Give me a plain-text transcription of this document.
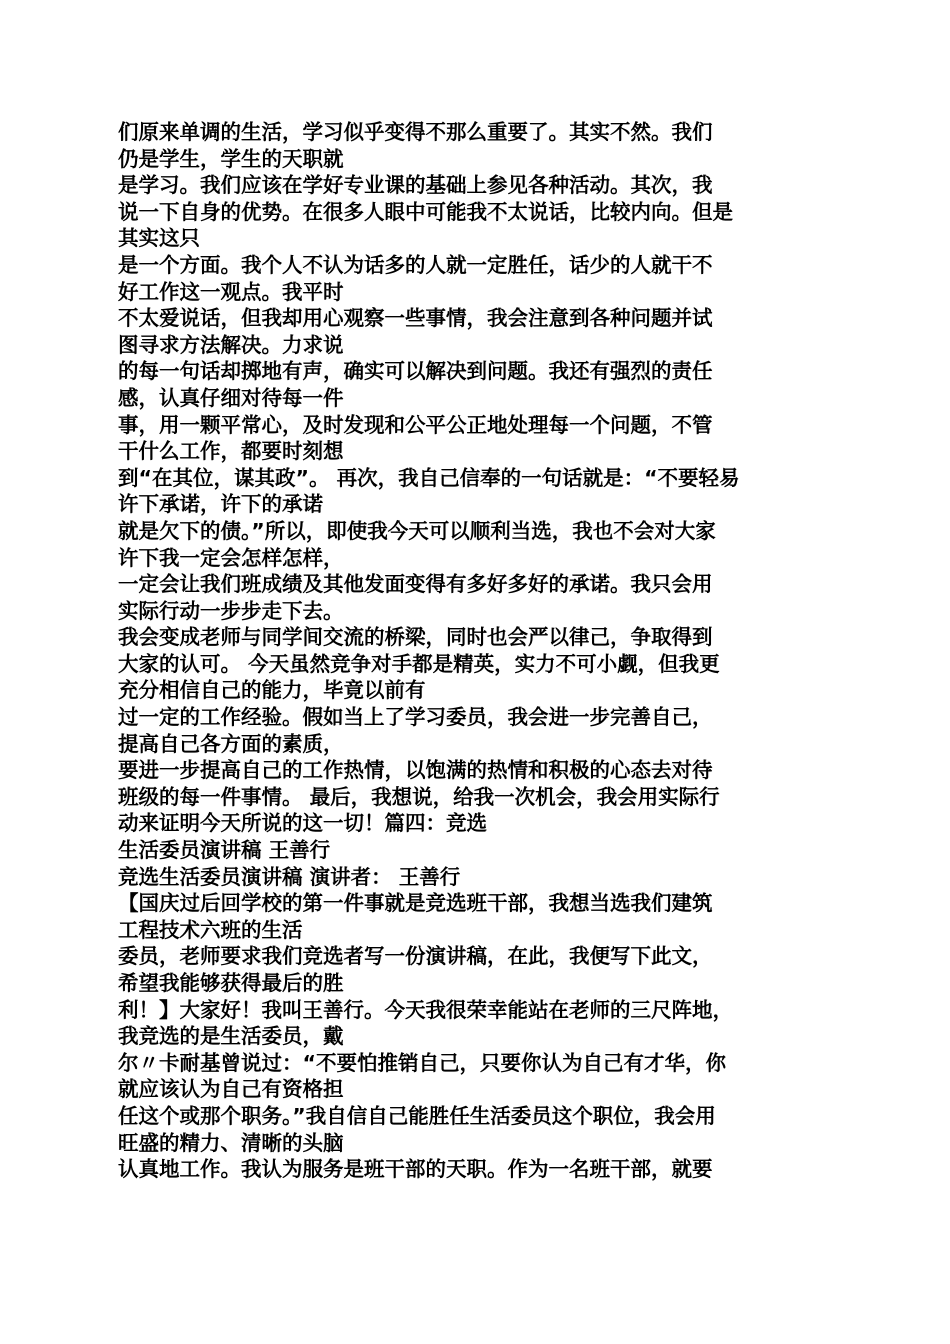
们原来单调的生活，学习似乎变得不那么重要了。其实不然。我们
仍是学生，学生的天职就
是学习。我们应该在学好专业课的基础上参见各种活动。其次，我
说一下自身的优势。在很多人眼中可能我不太说话，比较内向。但是
其实这只
是一个方面。我个人不认为话多的人就一定胜任，话少的人就干不
好工作这一观点。我平时
不太爱说话，但我却用心观察一些事情，我会注意到各种问题并试
图寻求方法解决。力求说
的每一句话却掷地有声，确实可以解决到问题。我还有强烈的责任
感，认真仔细对待每一件
事，用一颗平常心，及时发现和公平公正地处理每一个问题，不管
干什么工作，都要时刻想
到“在其位，谋其政”。 再次，我自己信奉的一句话就是：“不要轻易
许下承诺，许下的承诺
就是欠下的债。”所以，即使我今天可以顺利当选，我也不会对大家
许下我一定会怎样怎样，
一定会让我们班成绩及其他发面变得有多好多好的承诺。我只会用
实际行动一步步走下去。
我会变成老师与同学间交流的桥梁，同时也会严以律己，争取得到
大家的认可。 今天虽然竞争对手都是精英，实力不可小觑，但我更
充分相信自己的能力，毕竟以前有
过一定的工作经验。假如当上了学习委员，我会进一步完善自己，
提高自己各方面的素质，
要进一步提高自己的工作热情，以饱满的热情和积极的心态去对待
班级的每一件事情。 最后，我想说，给我一次机会，我会用实际行
动来证明今天所说的这一切！篇四：竞选
生活委员演讲稿 王善行
竞选生活委员演讲稿 演讲者： 王善行
【国庆过后回学校的第一件事就是竞选班干部，我想当选我们建筑
工程技术六班的生活
委员，老师要求我们竞选者写一份演讲稿，在此，我便写下此文，
希望我能够获得最后的胜
利！】大家好！我叫王善行。今天我很荣幸能站在老师的三尺阵地，
我竞选的是生活委员，戴
尔〃卡耐基曾说过：“不要怕推销自己，只要你认为自己有才华，你
就应该认为自己有资格担
任这个或那个职务。”我自信自己能胜任生活委员这个职位，我会用
旺盛的精力、清晰的头脑
认真地工作。我认为服务是班干部的天职。作为一名班干部，就要
